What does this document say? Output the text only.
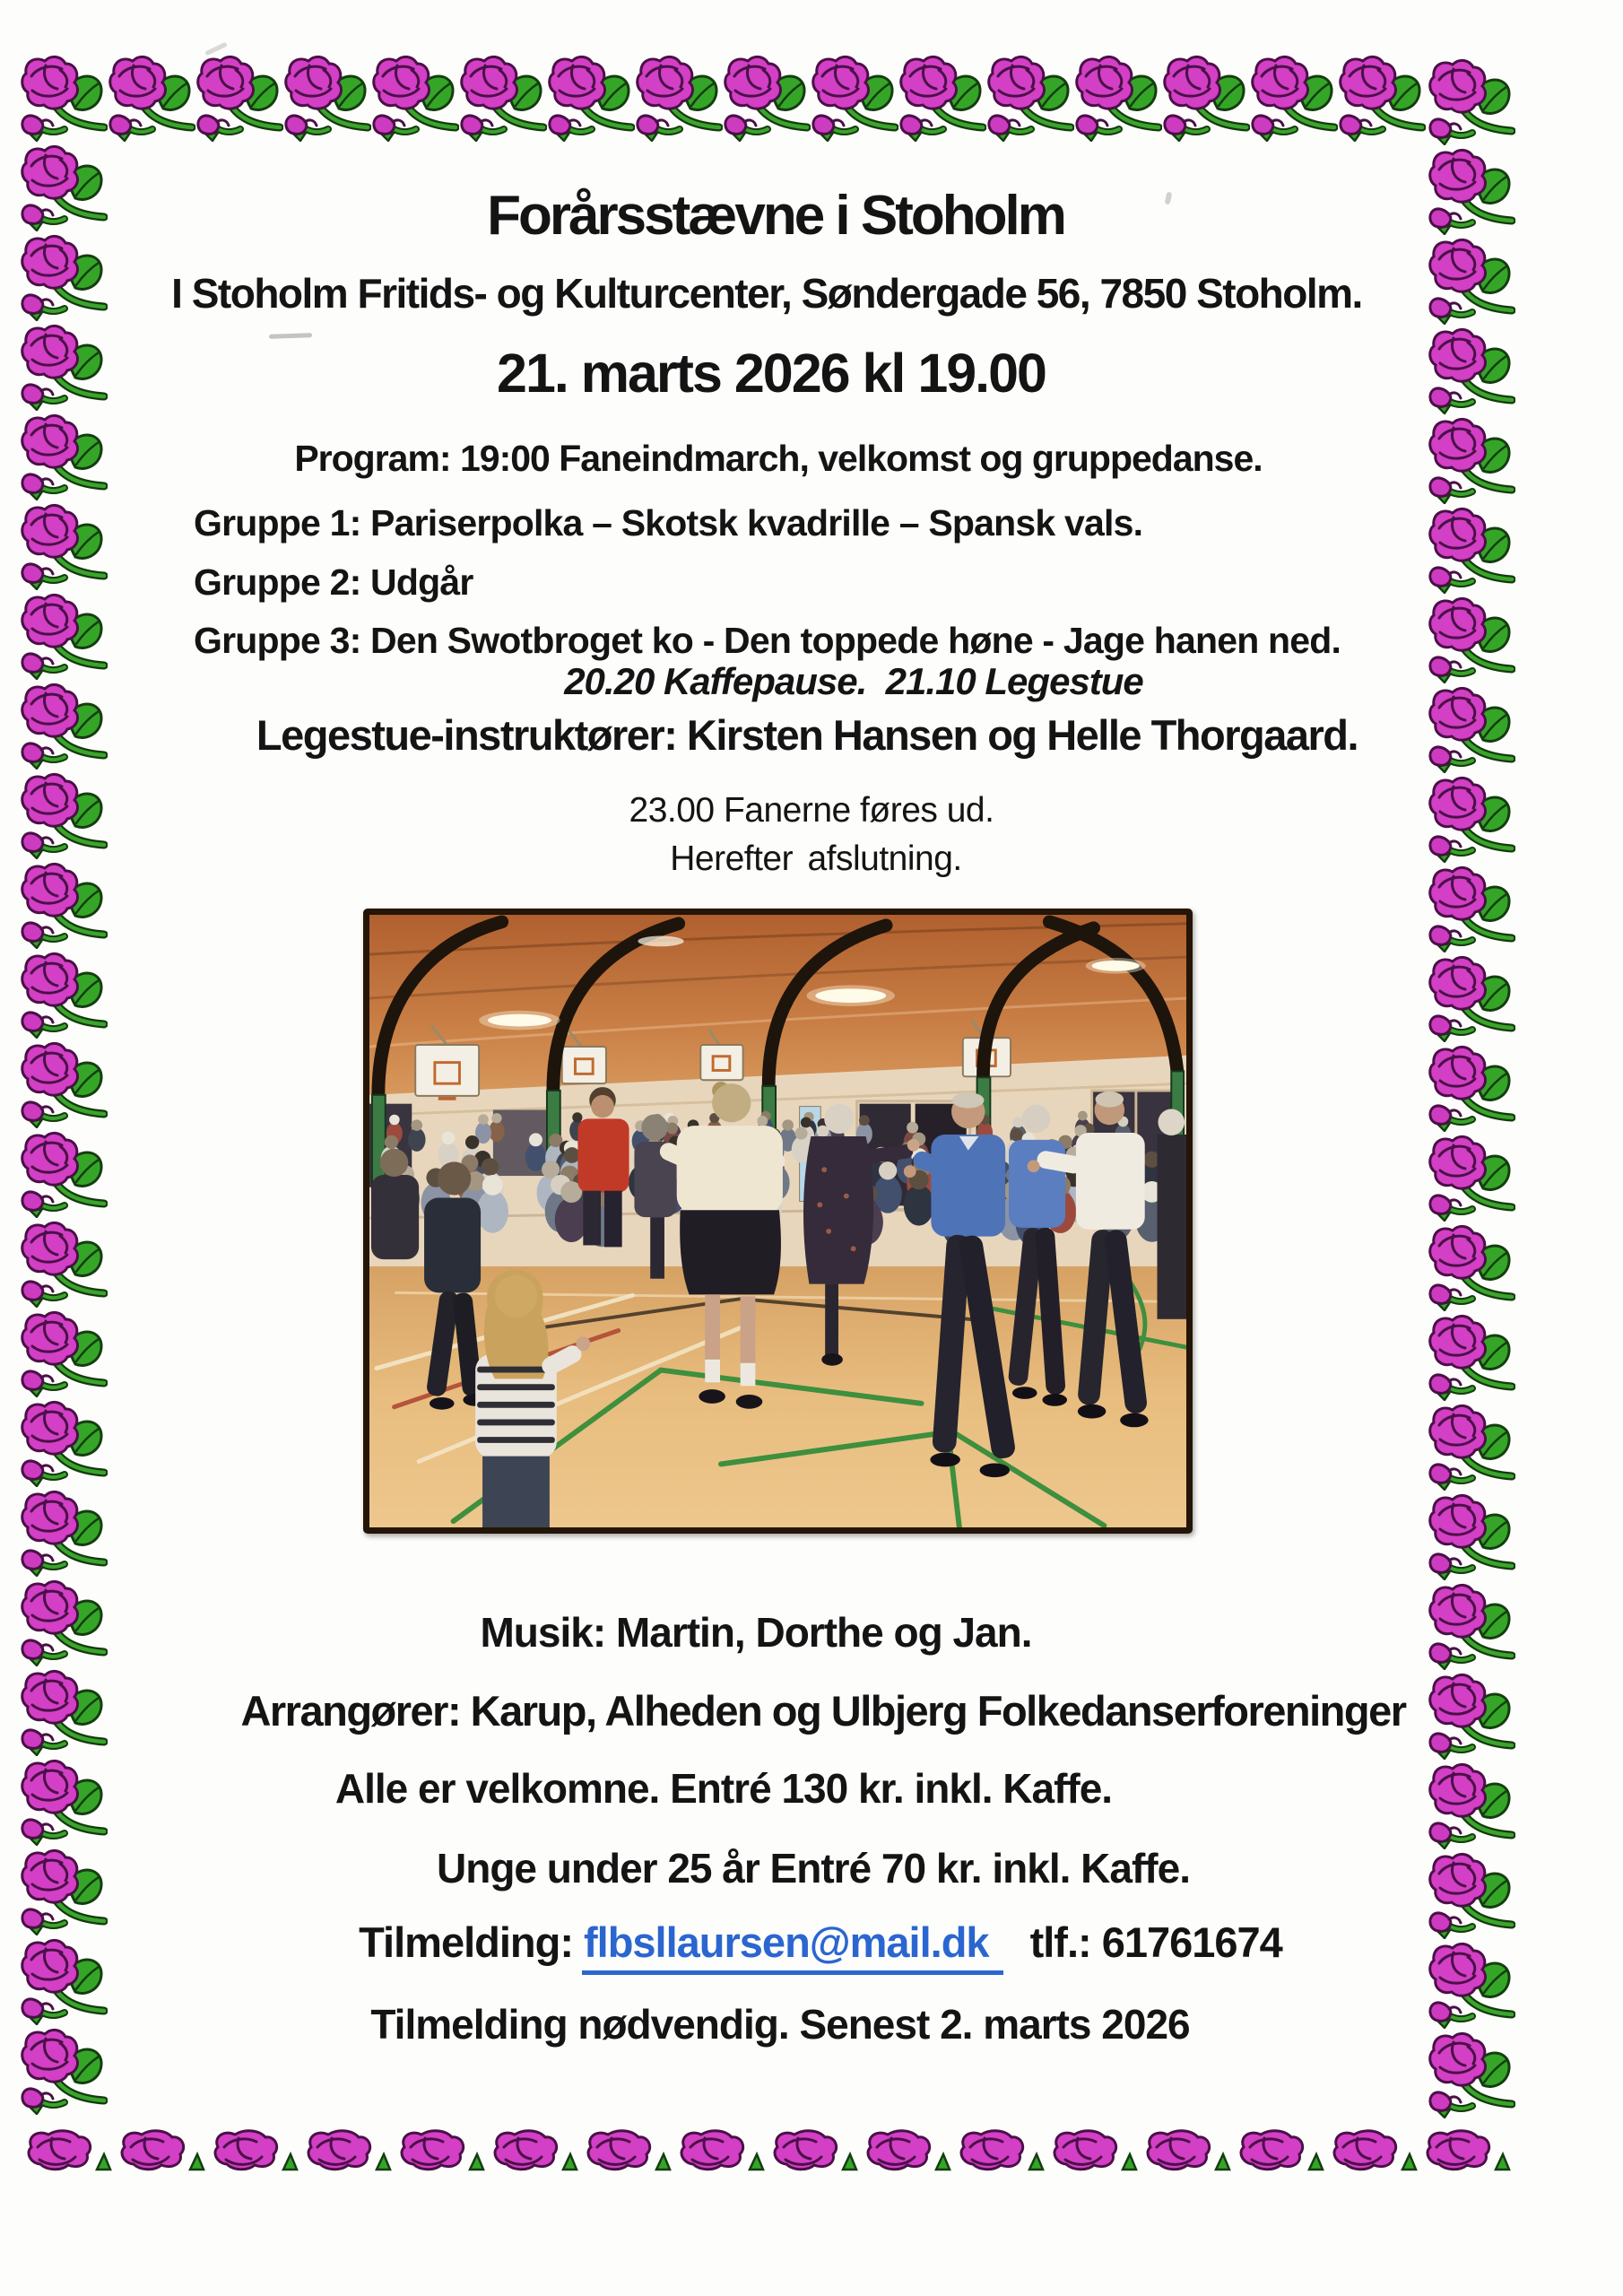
Forårsstævne i Stoholm

I Stoholm Fritids- og Kulturcenter, Søndergade 56, 7850 Stoholm.

21. marts 2026 kl 19.00

Program: 19:00 Faneindmarch, velkomst og gruppedanse.

Gruppe 1: Pariserpolka – Skotsk kvadrille – Spansk vals.

Gruppe 2: Udgår

Gruppe 3: Den Swotbroget ko - Den toppede høne - Jage hanen ned.

20.20 Kaffepause.  21.10 Legestue

Legestue-instruktører: Kirsten Hansen og Helle Thorgaard.

23.00 Fanerne føres ud.

Herefter afslutning.

Musik: Martin, Dorthe og Jan.

Arrangører: Karup, Alheden og Ulbjerg Folkedanserforeninger

Alle er velkomne. Entré 130 kr. inkl. Kaffe.

Unge under 25 år Entré 70 kr. inkl. Kaffe.

Tilmelding: flbsllaursen@mail.dk tlf.: 61761674

Tilmelding nødvendig. Senest 2. marts 2026
